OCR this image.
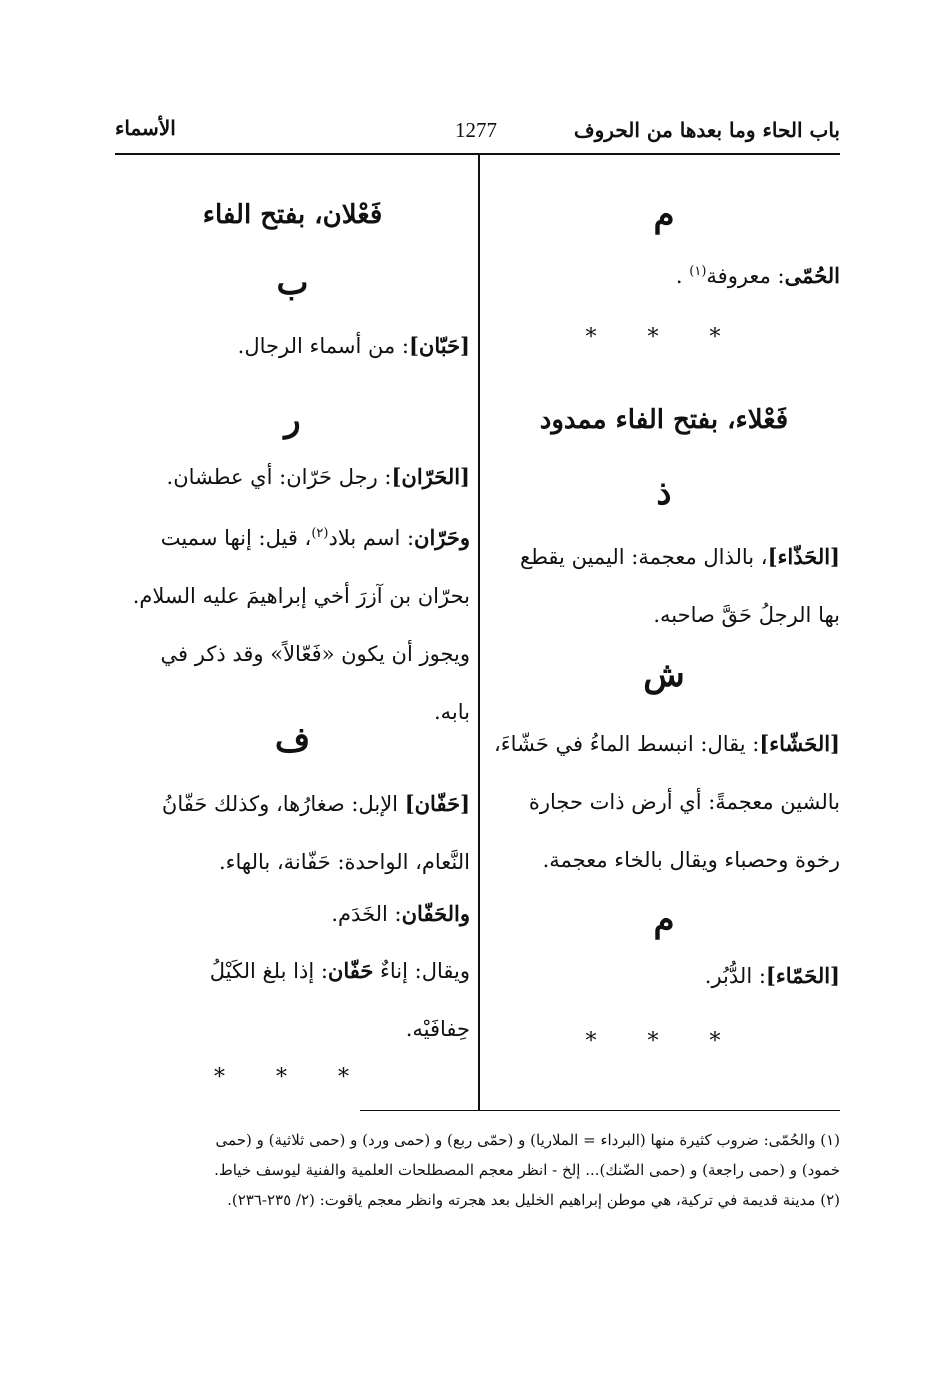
باب الحاء وما بعدها من الحروف
1277
الأسماء
م
الحُمّى: معروفة$^{(١)}$ .
* * *
فَعْلاء، بفتح الفاء ممدود
ذ
[الحَذّاء]، بالذال معجمة: اليمين يقطع
بها الرجلُ حَقَّ صاحبه.
ش
[الحَشّاء]: يقال: انبسط الماءُ في حَشّاءَ،
بالشين معجمةً: أي أرض ذات حجارة
رخوة وحصباء ويقال بالخاء معجمة.
م
[الحَمّاء]: الدُّبُر.
* * *
فَعْلان، بفتح الفاء
ب
[حَبّان]: من أسماء الرجال.
ر
[الحَرّان]: رجل حَرّان: أي عطشان.
وحَرّان: اسم بلاد$^{(٢)}$، قيل: إنها سميت
بحرّان بن آزرَ أخي إبراهيمَ عليه السلام.
ويجوز أن يكون «فَعّالاً» وقد ذكر في
بابه.
ف
[حَفّان] الإبل: صغارُها، وكذلك حَفّانُ
النَّعام، الواحدة: حَفّانة، بالهاء.
والحَفّان: الخَدَم.
ويقال: إناءٌ حَفّان: إذا بلغ الكَيْلُ
حِفافَيْه.
* * *
(١) والحُمّى: ضروب كثيرة منها (البرداء = الملاريا) و (حمّى ربع) و (حمى ورد) و (حمى ثلاثية) و (حمى
خمود) و (حمى راجعة) و (حمى الضّنك)... إلخ - انظر معجم المصطلحات العلمية والفنية ليوسف خياط.
(٢) مدينة قديمة في تركية، هي موطن إبراهيم الخليل بعد هجرته وانظر معجم ياقوت: (٢/ ٢٣٥-٢٣٦).
